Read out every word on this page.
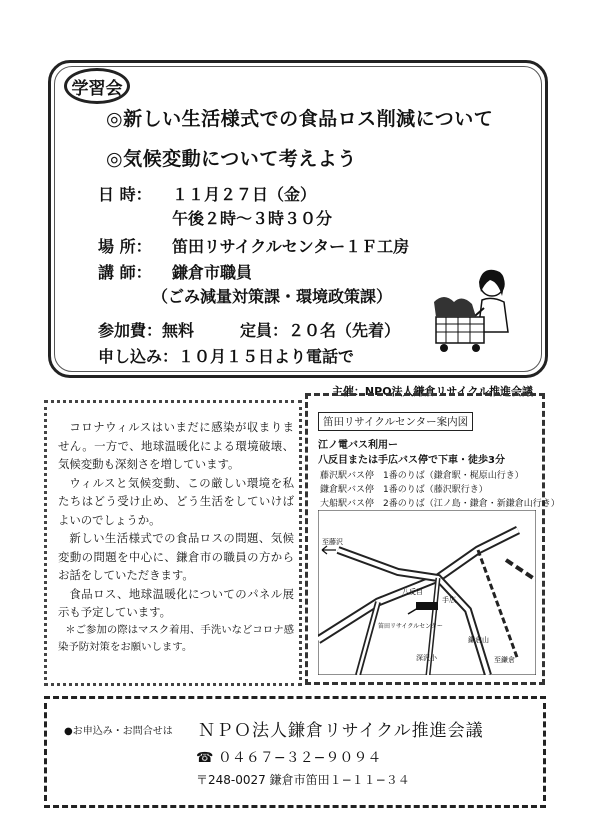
学習会
◎新しい生活様式での食品ロス削減について
◎気候変動について考えよう
日 時： １１月２７日（金）
午後２時～３時３０分
場 所： 笛田リサイクルセンター１Ｆ工房
講 師： 鎌倉市職員
（ごみ減量対策課・環境政策課）
参加費：無料	定員：２０名（先着）
申し込み：１０月１５日より電話で
主催：NPO法人鎌倉リサイクル推進会議

コロナウィルスはいまだに感染が収まりません。一方で、地球温暖化による環境破壊、気候変動も深刻さを増しています。

ウィルスと気候変動、この厳しい環境を私たちはどう受け止め、どう生活をしていけばよいのでしょうか。

新しい生活様式での食品ロスの問題、気候変動の問題を中心に、鎌倉市の職員の方からお話をしていただきます。

食品ロス、地球温暖化についてのパネル展示も予定しています。

＊ご参加の際はマスク着用、手洗いなどコロナ感染予防対策をお願いします。

笛田リサイクルセンター案内図
江ノ電バス利用ー
八反目または手広バス停で下車・徒歩3分
藤沢駅バス停　1番のりば（鎌倉駅・梶原山行き）
鎌倉駅バス停　1番のりば（藤沢駅行き）
大船駅バス停　2番のりば（江ノ島・鎌倉・新鎌倉山行き）
至藤沢
八反目
手広
笛田リサイクルセンター
鎌倉山
至鎌倉
深沢小
●お申込み・お問合せは ＮＰＯ法人鎌倉リサイクル推進会議
☎ ０４６７−３２−９０９４
〒248-0027 鎌倉市笛田１−１１−３４
